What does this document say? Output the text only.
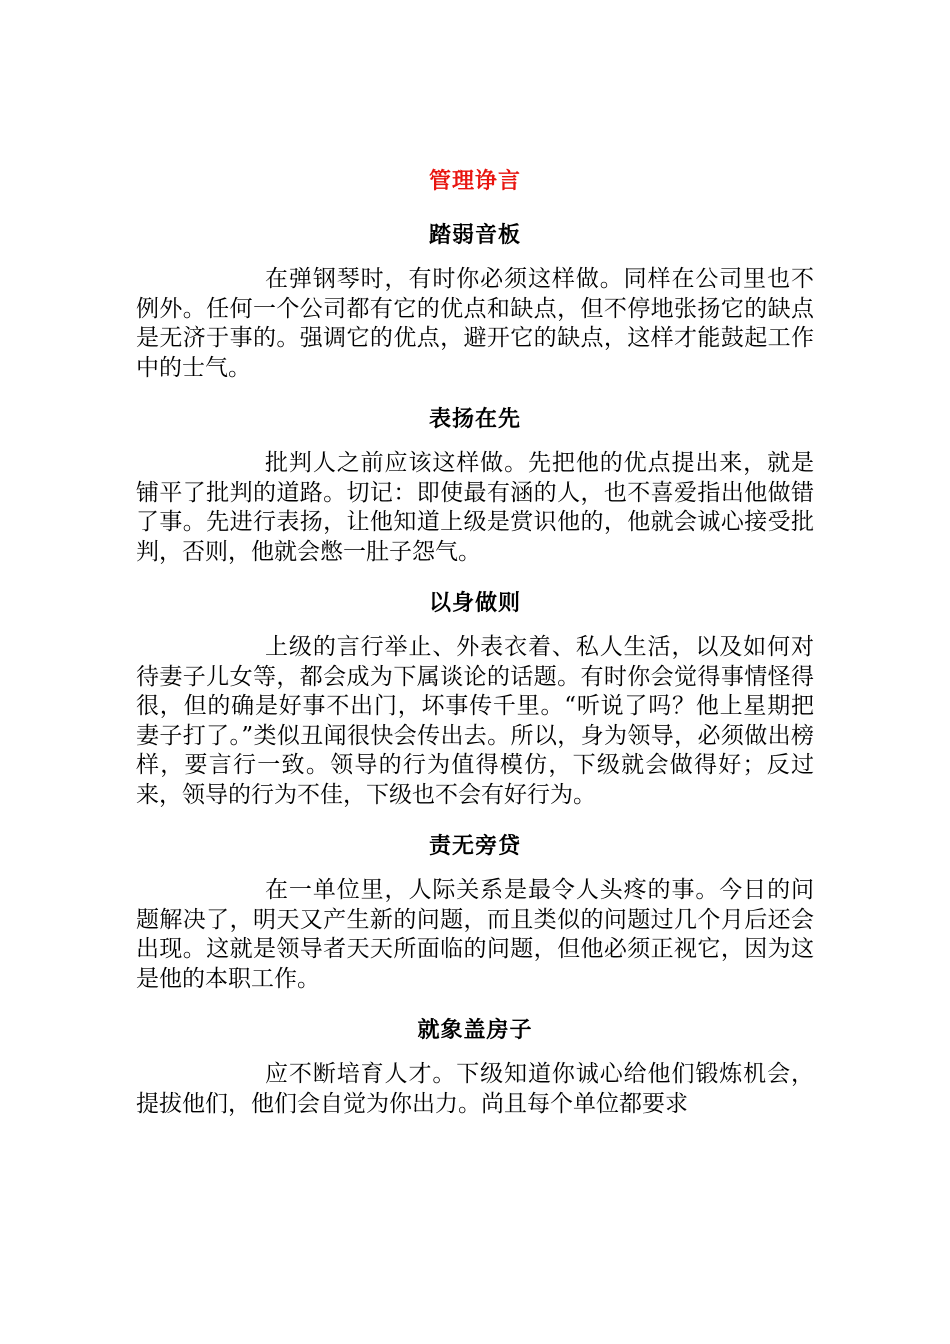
管理诤言
踏弱音板

在弹钢琴时，有时你必须这样做。同样在公司里也不例外。任何一个公司都有它的优点和缺点，但不停地张扬它的缺点是无济于事的。强调它的优点，避开它的缺点，这样才能鼓起工作中的士气。

表扬在先

批判人之前应该这样做。先把他的优点提出来，就是铺平了批判的道路。切记：即使最有涵的人，也不喜爱指出他做错了事。先进行表扬，让他知道上级是赏识他的，他就会诚心接受批判，否则，他就会憋一肚子怨气。

以身做则

上级的言行举止、外表衣着、私人生活，以及如何对待妻子儿女等，都会成为下属谈论的话题。有时你会觉得事情怪得很，但的确是好事不出门，坏事传千里。“听说了吗？他上星期把妻子打了。”类似丑闻很快会传出去。所以，身为领导，必须做出榜样，要言行一致。领导的行为值得模仿，下级就会做得好；反过来，领导的行为不佳，下级也不会有好行为。

责无旁贷

在一单位里，人际关系是最令人头疼的事。今日的问题解决了，明天又产生新的问题，而且类似的问题过几个月后还会出现。这就是领导者天天所面临的问题，但他必须正视它，因为这是他的本职工作。

就象盖房子

应不断培育人才。下级知道你诚心给他们锻炼机会，提拔他们，他们会自觉为你出力。尚且每个单位都要求
